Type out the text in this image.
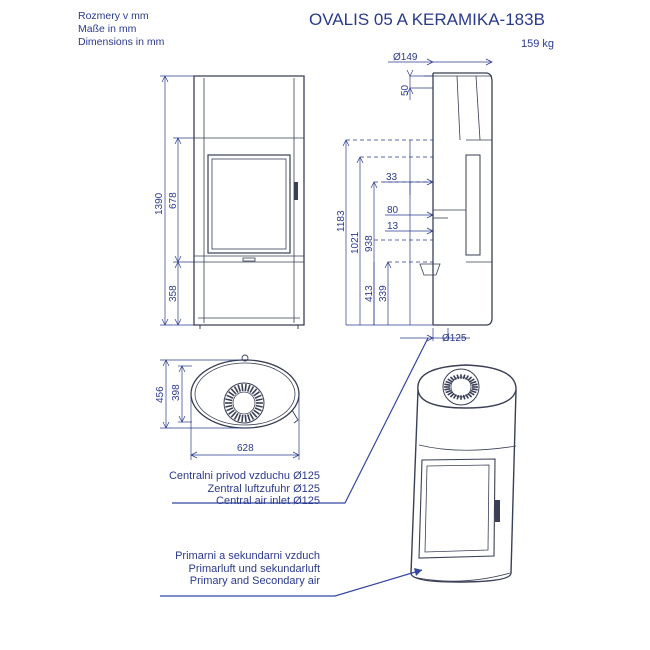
Rozmery v mm
Maße in mm
Dimensions in mm
OVALIS 05 A KERAMIKA-183B
159 kg
1390 678
358
Ø149
50
33
80
13
1183
1021 938
413 339
Ø125
456 398
628
Centralni privod vzduchu Ø125
Zentral luftzufuhr Ø125
Central air inlet Ø125
Primarni a sekundarni vzduch
Primarluft und sekundarluft
Primary and Secondary air
